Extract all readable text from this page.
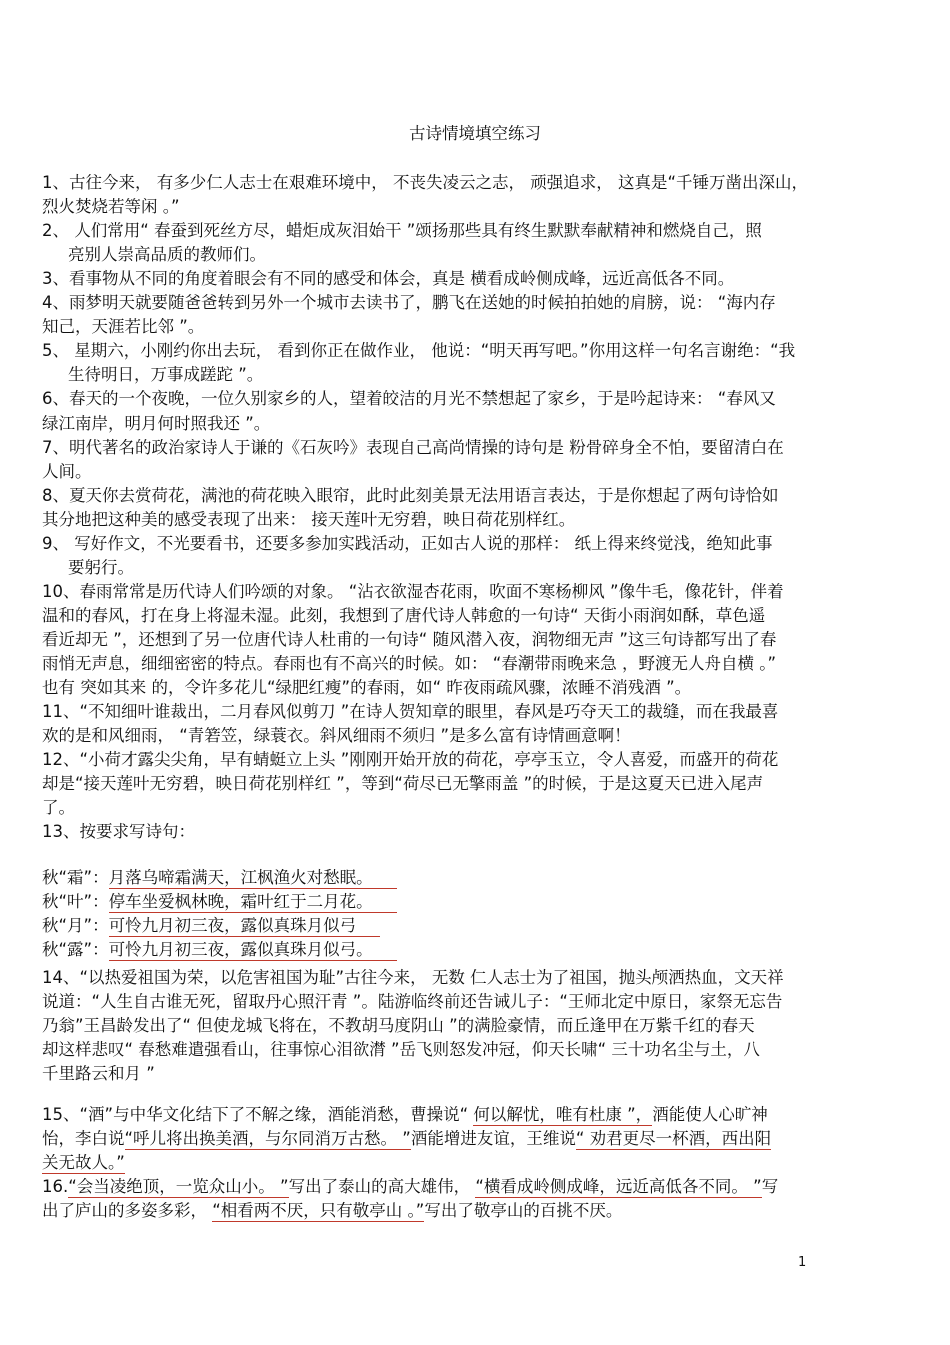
古诗情境填空练习
1、古往今来， 有多少仁人志士在艰难环境中， 不丧失凌云之志， 顽强追求， 这真是“千锤万凿出深山，
烈火焚烧若等闲 。”
2、 人们常用“ 春蚕到死丝方尽，蜡炬成灰泪始干 ”颂扬那些具有终生默默奉献精神和燃烧自己，照
亮别人崇高品质的教师们。
3、看事物从不同的角度着眼会有不同的感受和体会，真是 横看成岭侧成峰，远近高低各不同。
4、雨梦明天就要随爸爸转到另外一个城市去读书了，鹏飞在送她的时候拍拍她的肩膀，说： “海内存
知己，天涯若比邻 ”。
5、 星期六，小刚约你出去玩， 看到你正在做作业， 他说：“明天再写吧。”你用这样一句名言谢绝：“我
生待明日，万事成蹉跎 ”。
6、春天的一个夜晚，一位久别家乡的人，望着皎洁的月光不禁想起了家乡，于是吟起诗来： “春风又
绿江南岸，明月何时照我还 ”。
7、明代著名的政治家诗人于谦的《石灰吟》表现自己高尚情操的诗句是 粉骨碎身全不怕，要留清白在
人间。
8、夏天你去赏荷花，满池的荷花映入眼帘，此时此刻美景无法用语言表达，于是你想起了两句诗恰如
其分地把这种美的感受表现了出来： 接天莲叶无穷碧，映日荷花别样红。
9、 写好作文，不光要看书，还要多参加实践活动，正如古人说的那样： 纸上得来终觉浅，绝知此事
要躬行。
10、春雨常常是历代诗人们吟颂的对象。 “沾衣欲湿杏花雨，吹面不寒杨柳风 ”像牛毛，像花针，伴着
温和的春风，打在身上将湿未湿。此刻，我想到了唐代诗人韩愈的一句诗“ 天街小雨润如酥，草色遥
看近却无 ”，还想到了另一位唐代诗人杜甫的一句诗“ 随风潜入夜，润物细无声 ”这三句诗都写出了春
雨悄无声息，细细密密的特点。春雨也有不高兴的时候。如： “春潮带雨晚来急 ，野渡无人舟自横 。”
也有 突如其来 的，令许多花儿“绿肥红瘦”的春雨，如“ 昨夜雨疏风骤，浓睡不消残酒 ”。
11、“不知细叶谁裁出，二月春风似剪刀 ”在诗人贺知章的眼里，春风是巧夺天工的裁缝，而在我最喜
欢的是和风细雨， “青箬笠，绿蓑衣。斜风细雨不须归 ”是多么富有诗情画意啊！
12、“小荷才露尖尖角，早有蜻蜓立上头 ”刚刚开始开放的荷花，亭亭玉立，令人喜爱，而盛开的荷花
却是“接天莲叶无穷碧，映日荷花别样红 ”，等到“荷尽已无擎雨盖 ”的时候，于是这夏天已进入尾声
了。
13、按要求写诗句：
秋“霜”：月落乌啼霜满天，江枫渔火对愁眠。
秋“叶”：停车坐爱枫林晚，霜叶红于二月花。
秋“月”：可怜九月初三夜，露似真珠月似弓
秋“露”：可怜九月初三夜，露似真珠月似弓。
14、“以热爱祖国为荣，以危害祖国为耻”古往今来， 无数 仁人志士为了祖国，抛头颅洒热血，文天祥
说道：“人生自古谁无死，留取丹心照汗青 ”。陆游临终前还告诫儿子：“王师北定中原日，家祭无忘告
乃翁”王昌龄发出了“ 但使龙城飞将在，不教胡马度阴山 ”的满脸豪情，而丘逢甲在万紫千红的春天
却这样悲叹“ 春愁难遣强看山，往事惊心泪欲潸 ”岳飞则怒发冲冠，仰天长啸“ 三十功名尘与土，八
千里路云和月 ”
15、“酒”与中华文化结下了不解之缘，酒能消愁，曹操说“ 何以解忧，唯有杜康 ”，酒能使人心旷神
怡，李白说“呼儿将出换美酒，与尔同消万古愁。 ”酒能增进友谊，王维说“ 劝君更尽一杯酒，西出阳
关无故人。”
16.“会当凌绝顶，一览众山小。 ”写出了泰山的高大雄伟， “横看成岭侧成峰，远近高低各不同。 ”写
出了庐山的多姿多彩， “相看两不厌，只有敬亭山 。”写出了敬亭山的百挑不厌。
1
